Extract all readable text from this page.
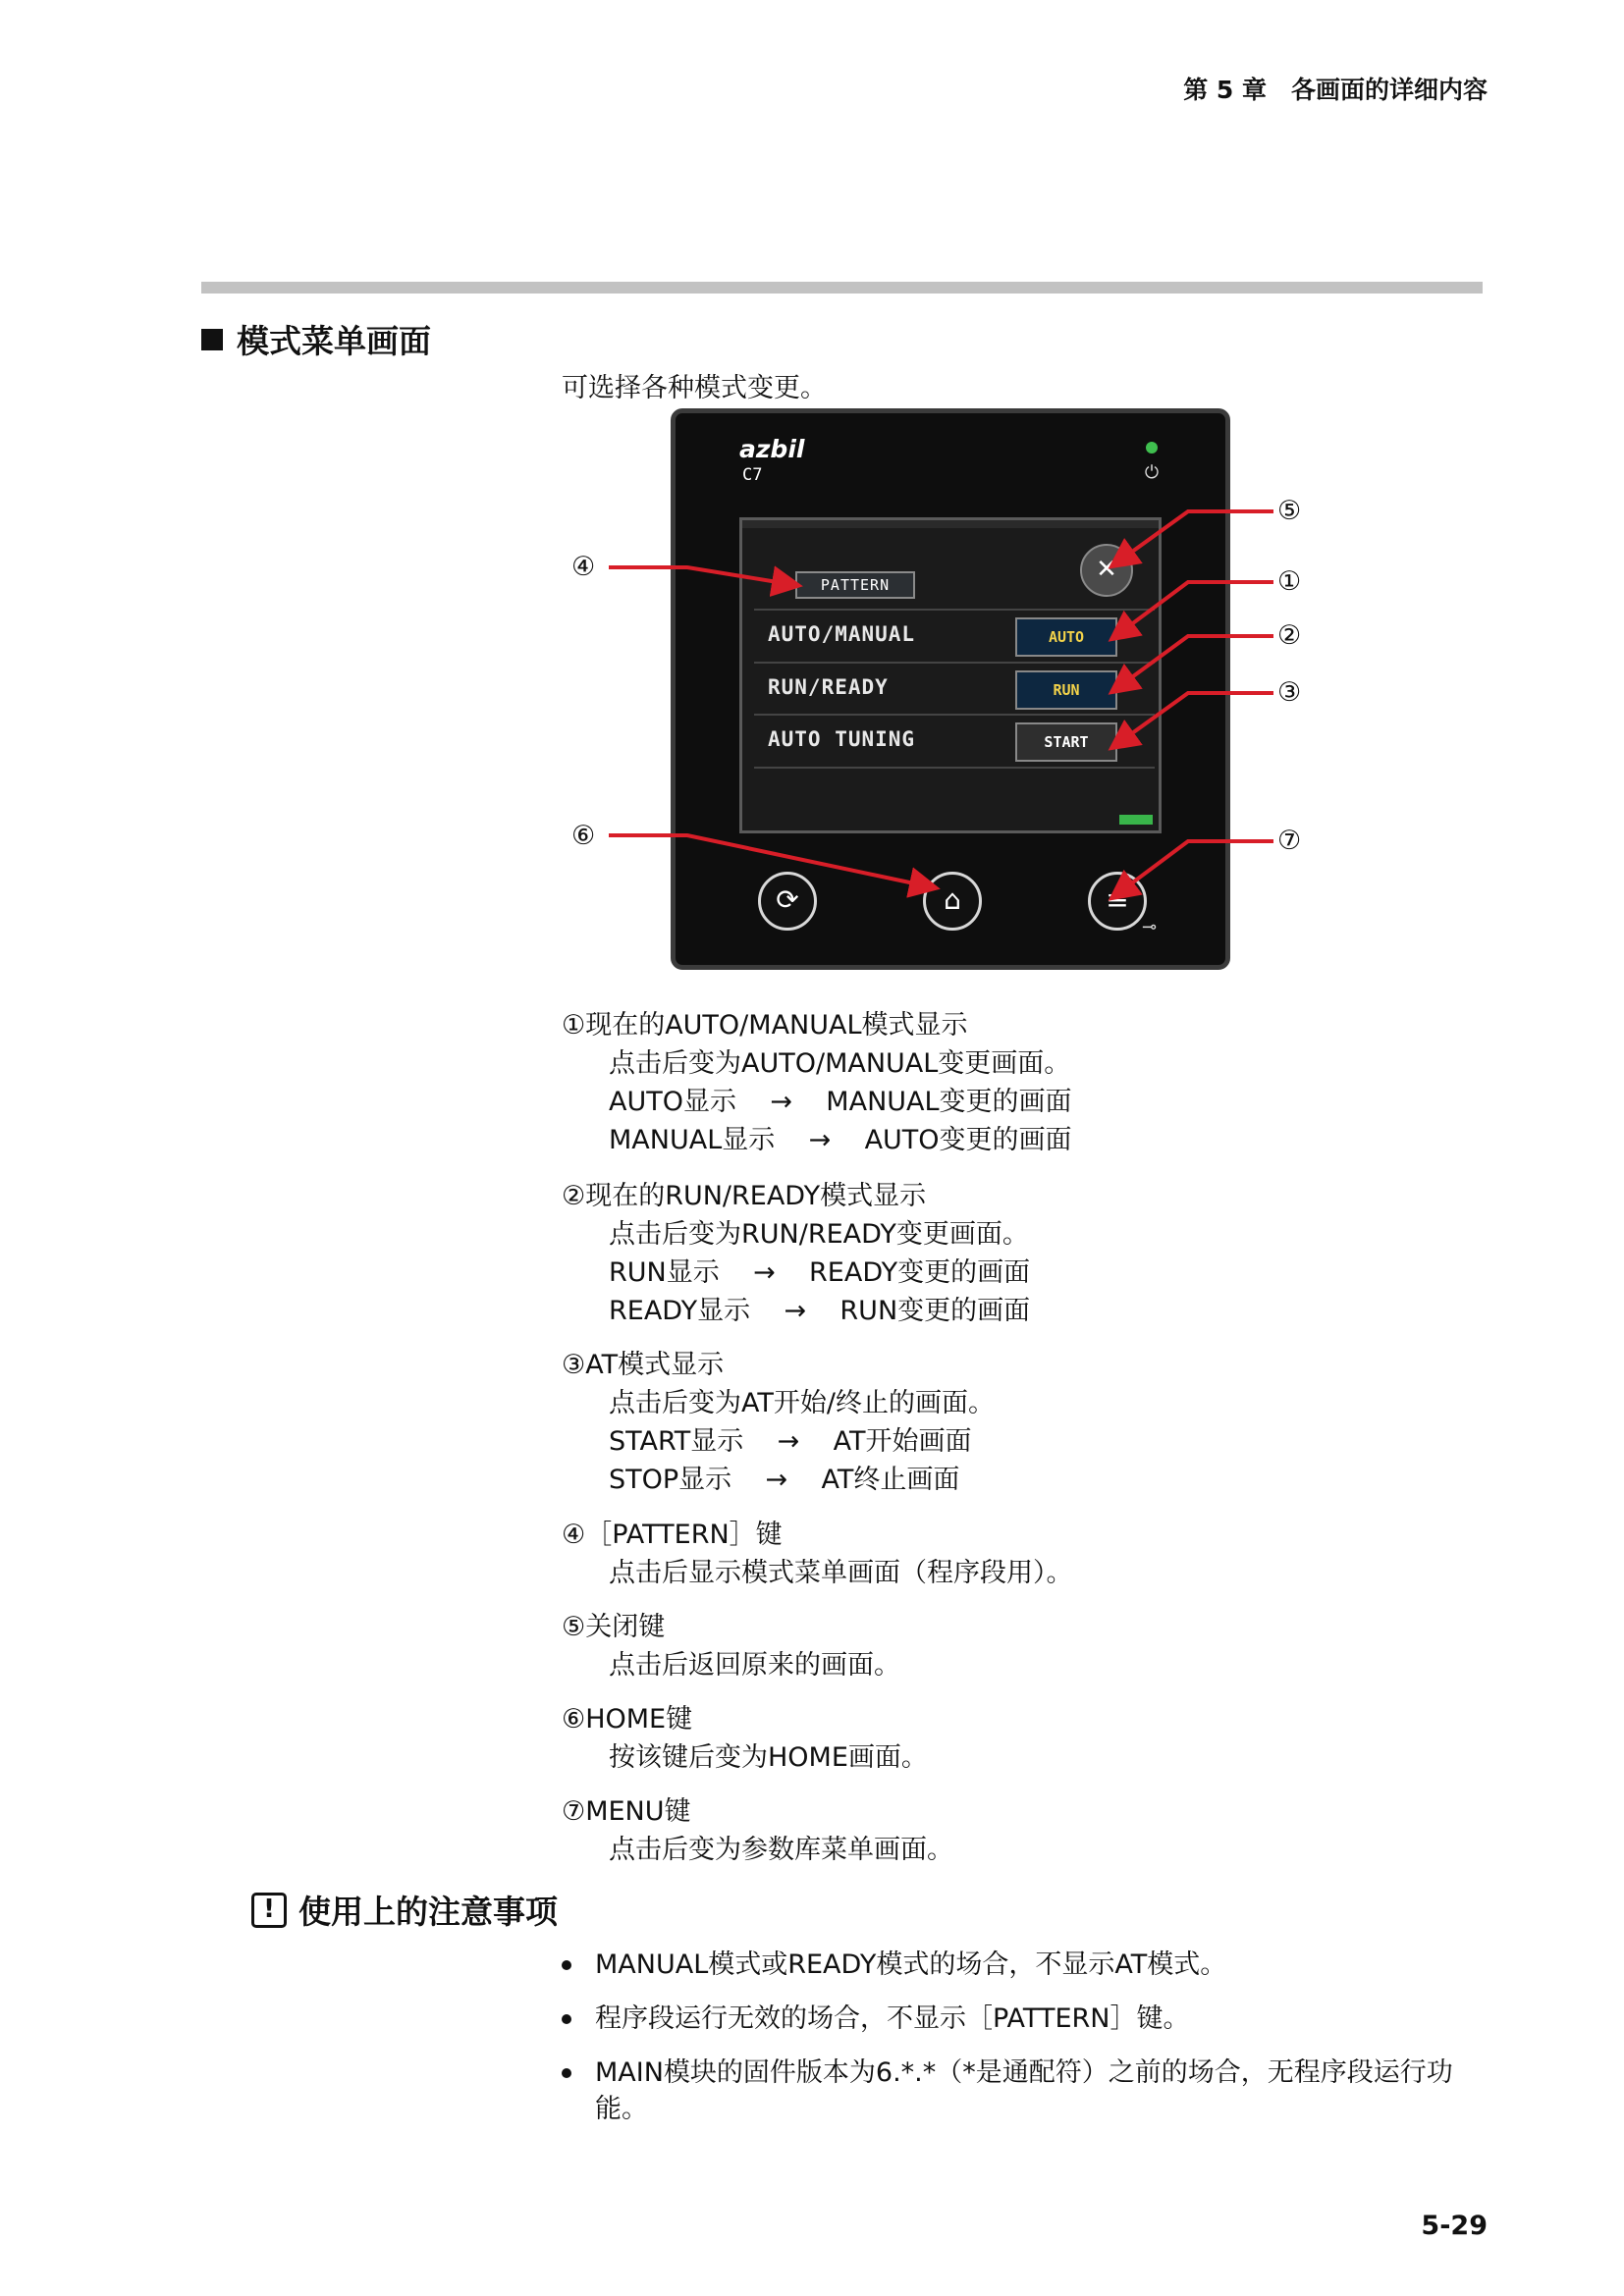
第 5 章　各画面的详细内容
模式菜单画面
可选择各种模式变更。
azbil
C7	⏻
PATTERN
✕
AUTO/MANUAL	AUTO
RUN/READY	RUN
AUTO TUNING	START
⟳	⌂	≡
⊸
④
⑤
①
②
③
⑥	⑦
①现在的AUTO/MANUAL模式显示
点击后变为AUTO/MANUAL变更画面。
AUTO显示 → MANUAL变更的画面
MANUAL显示 → AUTO变更的画面
②现在的RUN/READY模式显示
点击后变为RUN/READY变更画面。
RUN显示 → READY变更的画面
READY显示 → RUN变更的画面
③AT模式显示
点击后变为AT开始/终止的画面。
START显示 → AT开始画面
STOP显示 → AT终止画面
④［PATTERN］键
点击后显示模式菜单画面（程序段用）。
⑤关闭键
点击后返回原来的画面。
⑥HOME键
按该键后变为HOME画面。
⑦MENU键
点击后变为参数库菜单画面。
! 使用上的注意事项
MANUAL模式或READY模式的场合，不显示AT模式。
程序段运行无效的场合，不显示［PATTERN］键。
MAIN模块的固件版本为6.*.*（*是通配符）之前的场合，无程序段运行功能。
5-29
